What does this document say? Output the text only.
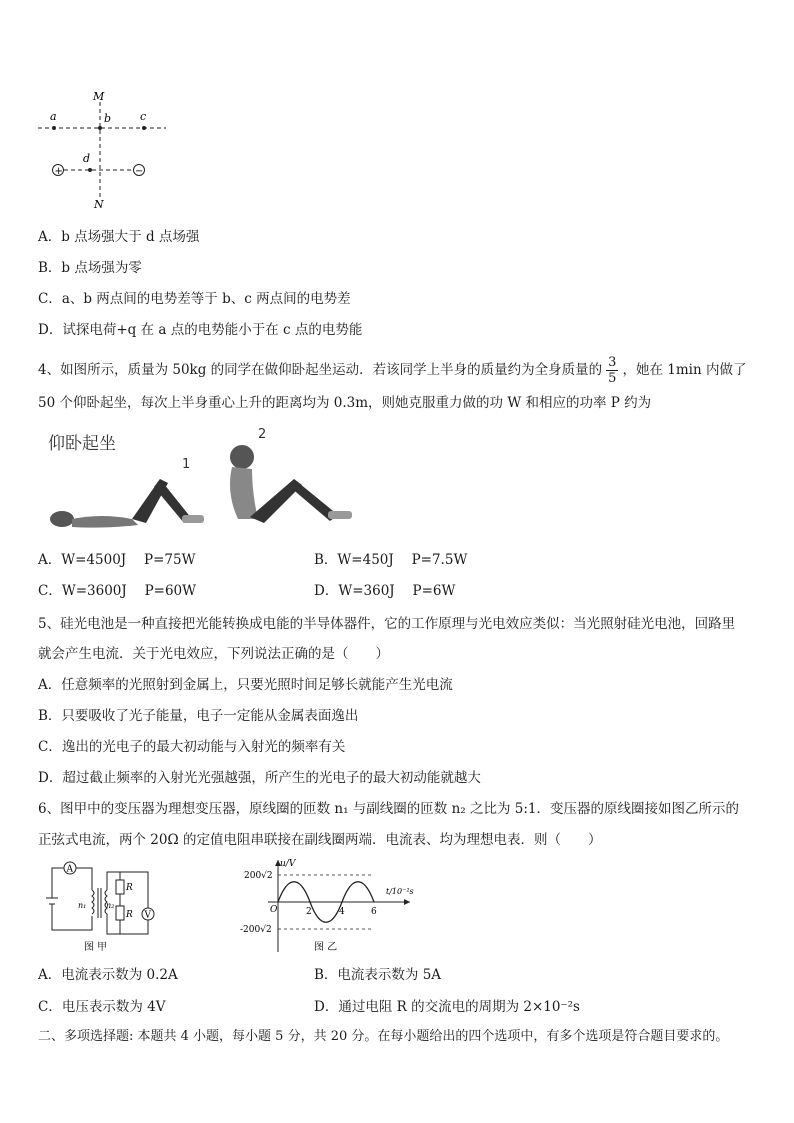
M
N
a	b	c
d
+	−
A．b 点场强大于 d 点场强
B．b 点场强为零
C．a、b 两点间的电势差等于 b、c 两点间的电势差
D．试探电荷+q 在 a 点的电势能小于在 c 点的电势能
4、如图所示，质量为 50kg 的同学在做仰卧起坐运动．若该同学上半身的质量约为全身质量的 $\frac{3}{5}$ ，她在 1min 内做了
50 个仰卧起坐，每次上半身重心上升的距离均为 0.3m，则她克服重力做的功 W 和相应的功率 P 约为
仰卧起坐
1
2
A．W=4500J　 P=75W	B．W=450J　 P=7.5W
C．W=3600J　 P=60W	D．W=360J　 P=6W
5、硅光电池是一种直接把光能转换成电能的半导体器件，它的工作原理与光电效应类似：当光照射硅光电池，回路里
就会产生电流．关于光电效应，下列说法正确的是（　　）
A．任意频率的光照射到金属上，只要光照时间足够长就能产生光电流
B．只要吸收了光子能量，电子一定能从金属表面逸出
C．逸出的光电子的最大初动能与入射光的频率有关
D．超过截止频率的入射光光强越强，所产生的光电子的最大初动能就越大
6、图甲中的变压器为理想变压器，原线圈的匝数 n₁ 与副线圈的匝数 n₂ 之比为 5:1．变压器的原线圈接如图乙所示的
正弦式电流，两个 20Ω 的定值电阻串联接在副线圈两端．电流表、均为理想电表．则（　　）
A
V
R
R
n₁ n₂
图 甲
u/V
t/10⁻²s
200√2
-200√2
O	2	4	6
图 乙
A．电流表示数为 0.2A	B．电流表示数为 5A
C．电压表示数为 4V	D．通过电阻 R 的交流电的周期为 2×10⁻²s
二、多项选择题: 本题共 4 小题，每小题 5 分，共 20 分。在每小题给出的四个选项中，有多个选项是符合题目要求的。
